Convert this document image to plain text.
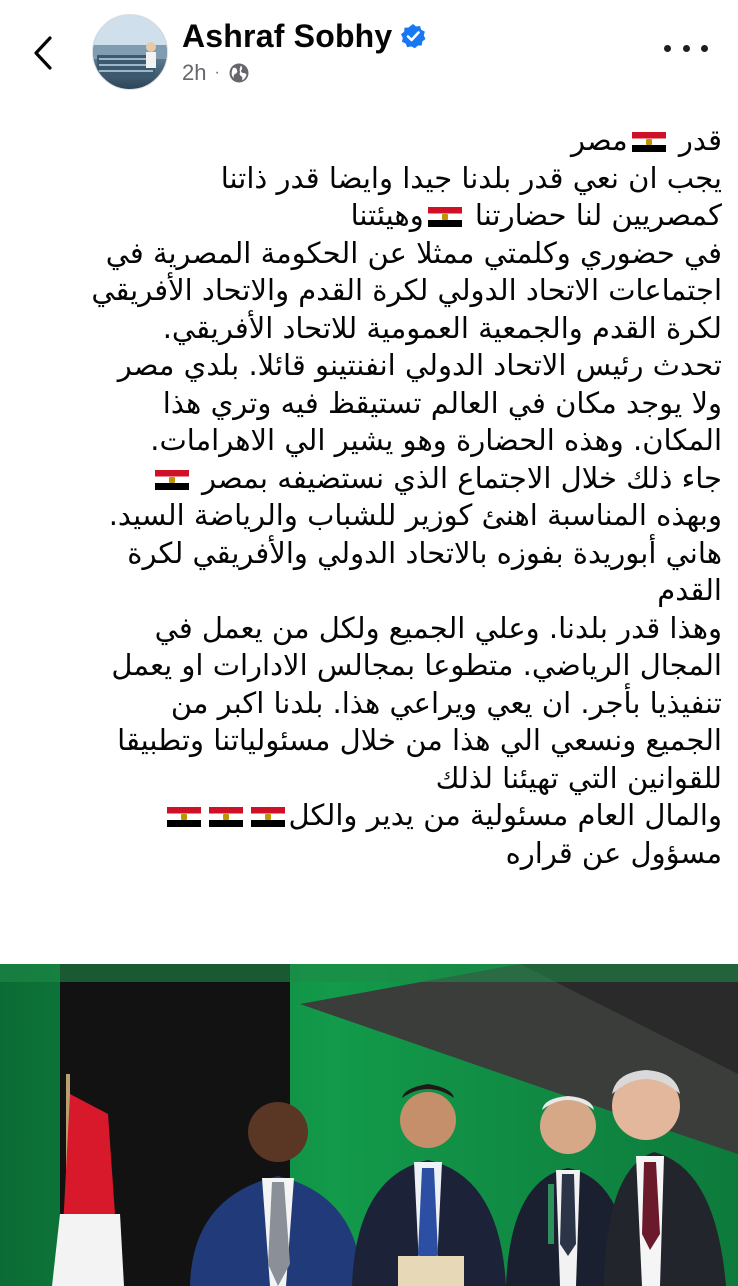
Ashraf Sobhy
2h ·
قدر مصر
يجب ان نعي قدر بلدنا جيدا وايضا قدر ذاتنا
كمصريين لنا حضارتنا وهيئتنا
في حضوري وكلمتي ممثلا عن الحكومة المصرية في
اجتماعات الاتحاد الدولي لكرة القدم والاتحاد الأفريقي
لكرة القدم والجمعية العمومية للاتحاد الأفريقي.
تحدث رئيس الاتحاد الدولي انفنتينو قائلا. بلدي مصر
ولا يوجد مكان في العالم تستيقظ فيه وتري هذا
المكان. وهذه الحضارة وهو يشير الي الاهرامات.
جاء ذلك خلال الاجتماع الذي نستضيفه بمصر
وبهذه المناسبة اهنئ كوزير للشباب والرياضة السيد.
هاني أبوريدة بفوزه بالاتحاد الدولي والأفريقي لكرة
القدم
وهذا قدر بلدنا. وعلي الجميع ولكل من يعمل في
المجال الرياضي. متطوعا بمجالس الادارات او يعمل
تنفيذيا بأجر. ان يعي ويراعي هذا. بلدنا اكبر من
الجميع ونسعي الي هذا من خلال مسئولياتنا وتطبيقا
للقوانين التي تهيئنا لذلك
والمال العام مسئولية من يدير والكل
مسؤول عن قراره
